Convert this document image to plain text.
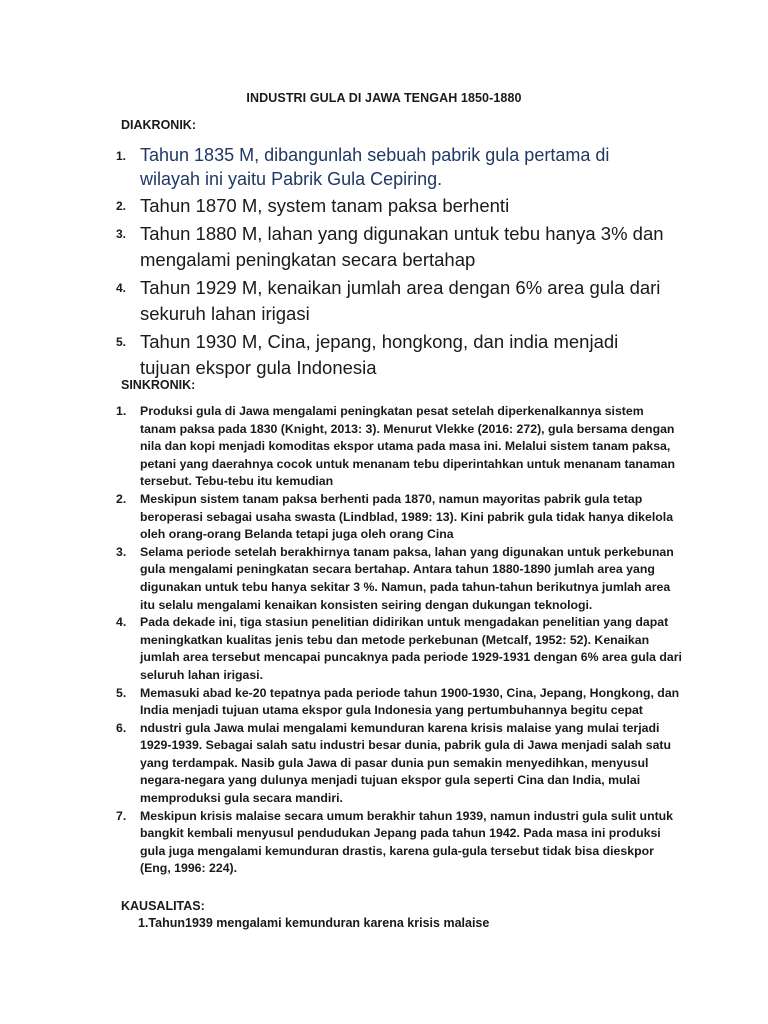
INDUSTRI GULA DI JAWA TENGAH 1850-1880
DIAKRONIK:
1. Tahun 1835 M, dibangunlah sebuah pabrik gula pertama di wilayah ini yaitu Pabrik Gula Cepiring.
2. Tahun 1870 M, system tanam paksa berhenti
3. Tahun 1880 M, lahan yang digunakan untuk tebu hanya 3% dan mengalami peningkatan secara bertahap
4. Tahun 1929 M, kenaikan jumlah area dengan 6% area gula dari sekuruh lahan irigasi
5. Tahun 1930 M, Cina, jepang, hongkong, dan india menjadi tujuan ekspor gula Indonesia
SINKRONIK:
1. Produksi gula di Jawa mengalami peningkatan pesat setelah diperkenalkannya sistem tanam paksa pada 1830 (Knight, 2013: 3). Menurut Vlekke (2016: 272), gula bersama dengan nila dan kopi menjadi komoditas ekspor utama pada masa ini. Melalui sistem tanam paksa, petani yang daerahnya cocok untuk menanam tebu diperintahkan untuk menanam tanaman tersebut. Tebu-tebu itu kemudian
2. Meskipun sistem tanam paksa berhenti pada 1870, namun mayoritas pabrik gula tetap beroperasi sebagai usaha swasta (Lindblad, 1989: 13). Kini pabrik gula tidak hanya dikelola oleh orang-orang Belanda tetapi juga oleh orang Cina
3. Selama periode setelah berakhirnya tanam paksa, lahan yang digunakan untuk perkebunan gula mengalami peningkatan secara bertahap. Antara tahun 1880-1890 jumlah area yang digunakan untuk tebu hanya sekitar 3 %. Namun, pada tahun-tahun berikutnya jumlah area itu selalu mengalami kenaikan konsisten seiring dengan dukungan teknologi.
4. Pada dekade ini, tiga stasiun penelitian didirikan untuk mengadakan penelitian yang dapat meningkatkan kualitas jenis tebu dan metode perkebunan (Metcalf, 1952: 52). Kenaikan jumlah area tersebut mencapai puncaknya pada periode 1929-1931 dengan 6% area gula dari seluruh lahan irigasi.
5. Memasuki abad ke-20 tepatnya pada periode tahun 1900-1930, Cina, Jepang, Hongkong, dan India menjadi tujuan utama ekspor gula Indonesia yang pertumbuhannya begitu cepat
6. ndustri gula Jawa mulai mengalami kemunduran karena krisis malaise yang mulai terjadi 1929-1939. Sebagai salah satu industri besar dunia, pabrik gula di Jawa menjadi salah satu yang terdampak. Nasib gula Jawa di pasar dunia pun semakin menyedihkan, menyusul negara-negara yang dulunya menjadi tujuan ekspor gula seperti Cina dan India, mulai memproduksi gula secara mandiri.
7. Meskipun krisis malaise secara umum berakhir tahun 1939, namun industri gula sulit untuk bangkit kembali menyusul pendudukan Jepang pada tahun 1942. Pada masa ini produksi gula juga mengalami kemunduran drastis, karena gula-gula tersebut tidak bisa dieskpor (Eng, 1996: 224).
KAUSALITAS:
1.Tahun1939 mengalami kemunduran karena krisis malaise
